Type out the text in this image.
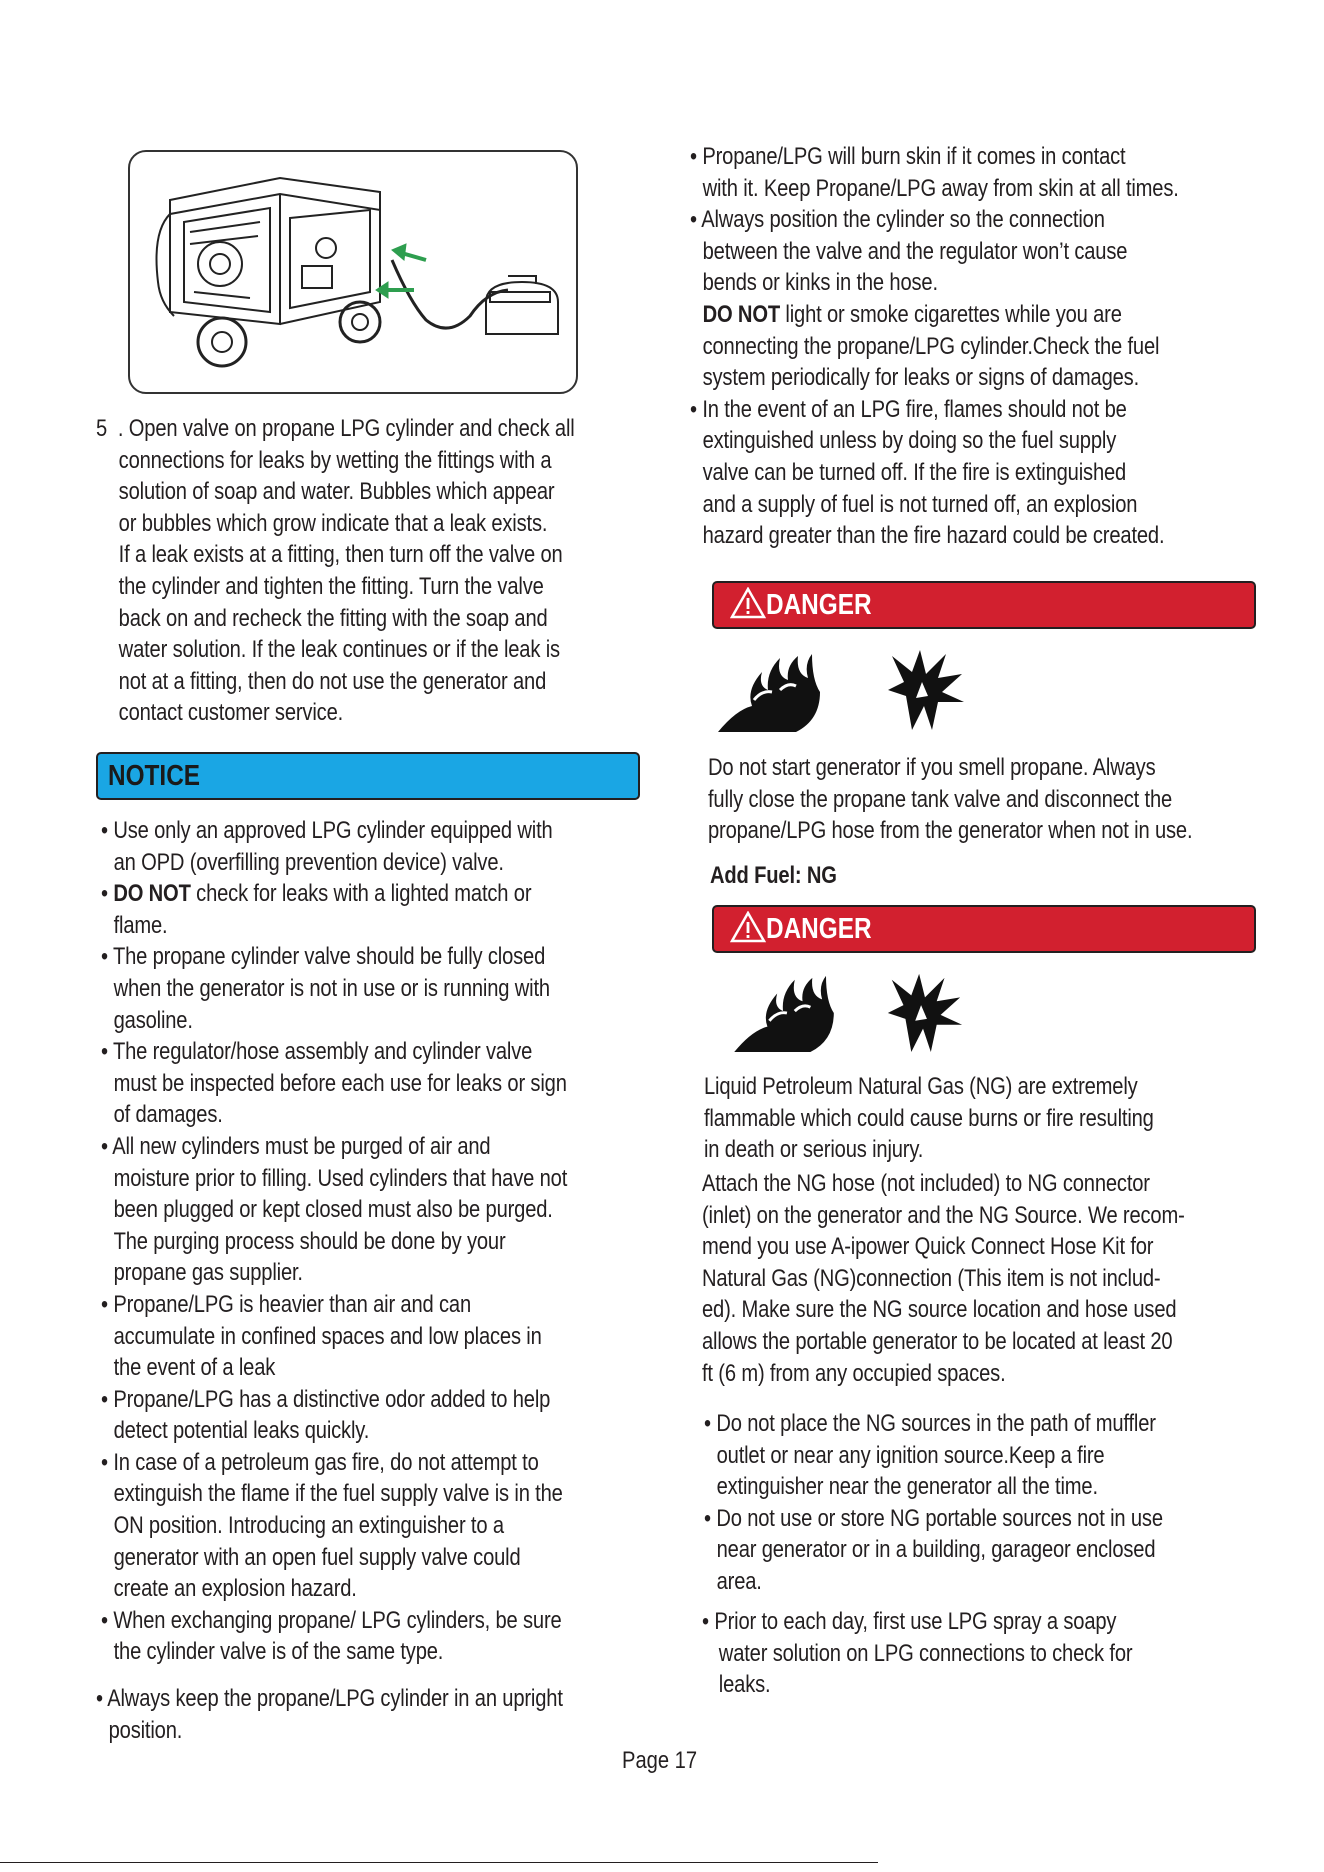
5  . Open valve on propane LPG cylinder and check all
connections for leaks by wetting the fittings with a
solution of soap and water. Bubbles which appear
or bubbles which grow indicate that a leak exists.
If a leak exists at a fitting, then turn off the valve on
the cylinder and tighten the fitting. Turn the valve
back on and recheck the fitting with the soap and
water solution. If the leak continues or if the leak is
not at a fitting, then do not use the generator and
contact customer service.
NOTICE
• Use only an approved LPG cylinder equipped with
an OPD (overfilling prevention device) valve.
• DO NOT check for leaks with a lighted match or
flame.
• The propane cylinder valve should be fully closed
when the generator is not in use or is running with
gasoline.
• The regulator/hose assembly and cylinder valve
must be inspected before each use for leaks or sign
of damages.
• All new cylinders must be purged of air and
moisture prior to filling. Used cylinders that have not
been plugged or kept closed must also be purged.
The purging process should be done by your
propane gas supplier.
• Propane/LPG is heavier than air and can
accumulate in confined spaces and low places in
the event of a leak
• Propane/LPG has a distinctive odor added to help
detect potential leaks quickly.
• In case of a petroleum gas fire, do not attempt to
extinguish the flame if the fuel supply valve is in the
ON position. Introducing an extinguisher to a
generator with an open fuel supply valve could
create an explosion hazard.
• When exchanging propane/ LPG cylinders, be sure
the cylinder valve is of the same type.
• Always keep the propane/LPG cylinder in an upright
position.
• Propane/LPG will burn skin if it comes in contact
with it. Keep Propane/LPG away from skin at all times.
• Always position the cylinder so the connection
between the valve and the regulator won’t cause
bends or kinks in the hose.
DO NOT light or smoke cigarettes while you are
connecting the propane/LPG cylinder.Check the fuel
system periodically for leaks or signs of damages.
• In the event of an LPG fire, flames should not be
extinguished unless by doing so the fuel supply
valve can be turned off. If the fire is extinguished
and a supply of fuel is not turned off, an explosion
hazard greater than the fire hazard could be created.
DANGER
Do not start generator if you smell propane. Always
fully close the propane tank valve and disconnect the
propane/LPG hose from the generator when not in use.
Add Fuel: NG
DANGER
Liquid Petroleum Natural Gas (NG) are extremely
flammable which could cause burns or fire resulting
in death or serious injury.
Attach the NG hose (not included) to NG connector
(inlet) on the generator and the NG Source. We recom-
mend you use A-ipower Quick Connect Hose Kit for
Natural Gas (NG)connection (This item is not includ-
ed). Make sure the NG source location and hose used
allows the portable generator to be located at least 20
ft (6 m) from any occupied spaces.
• Do not place the NG sources in the path of muffler
outlet or near any ignition source.Keep a fire
extinguisher near the generator all the time.
• Do not use or store NG portable sources not in use
near generator or in a building, garageor enclosed
area.
• Prior to each day, first use LPG spray a soapy
water solution on LPG connections to check for
leaks.
Page 17
